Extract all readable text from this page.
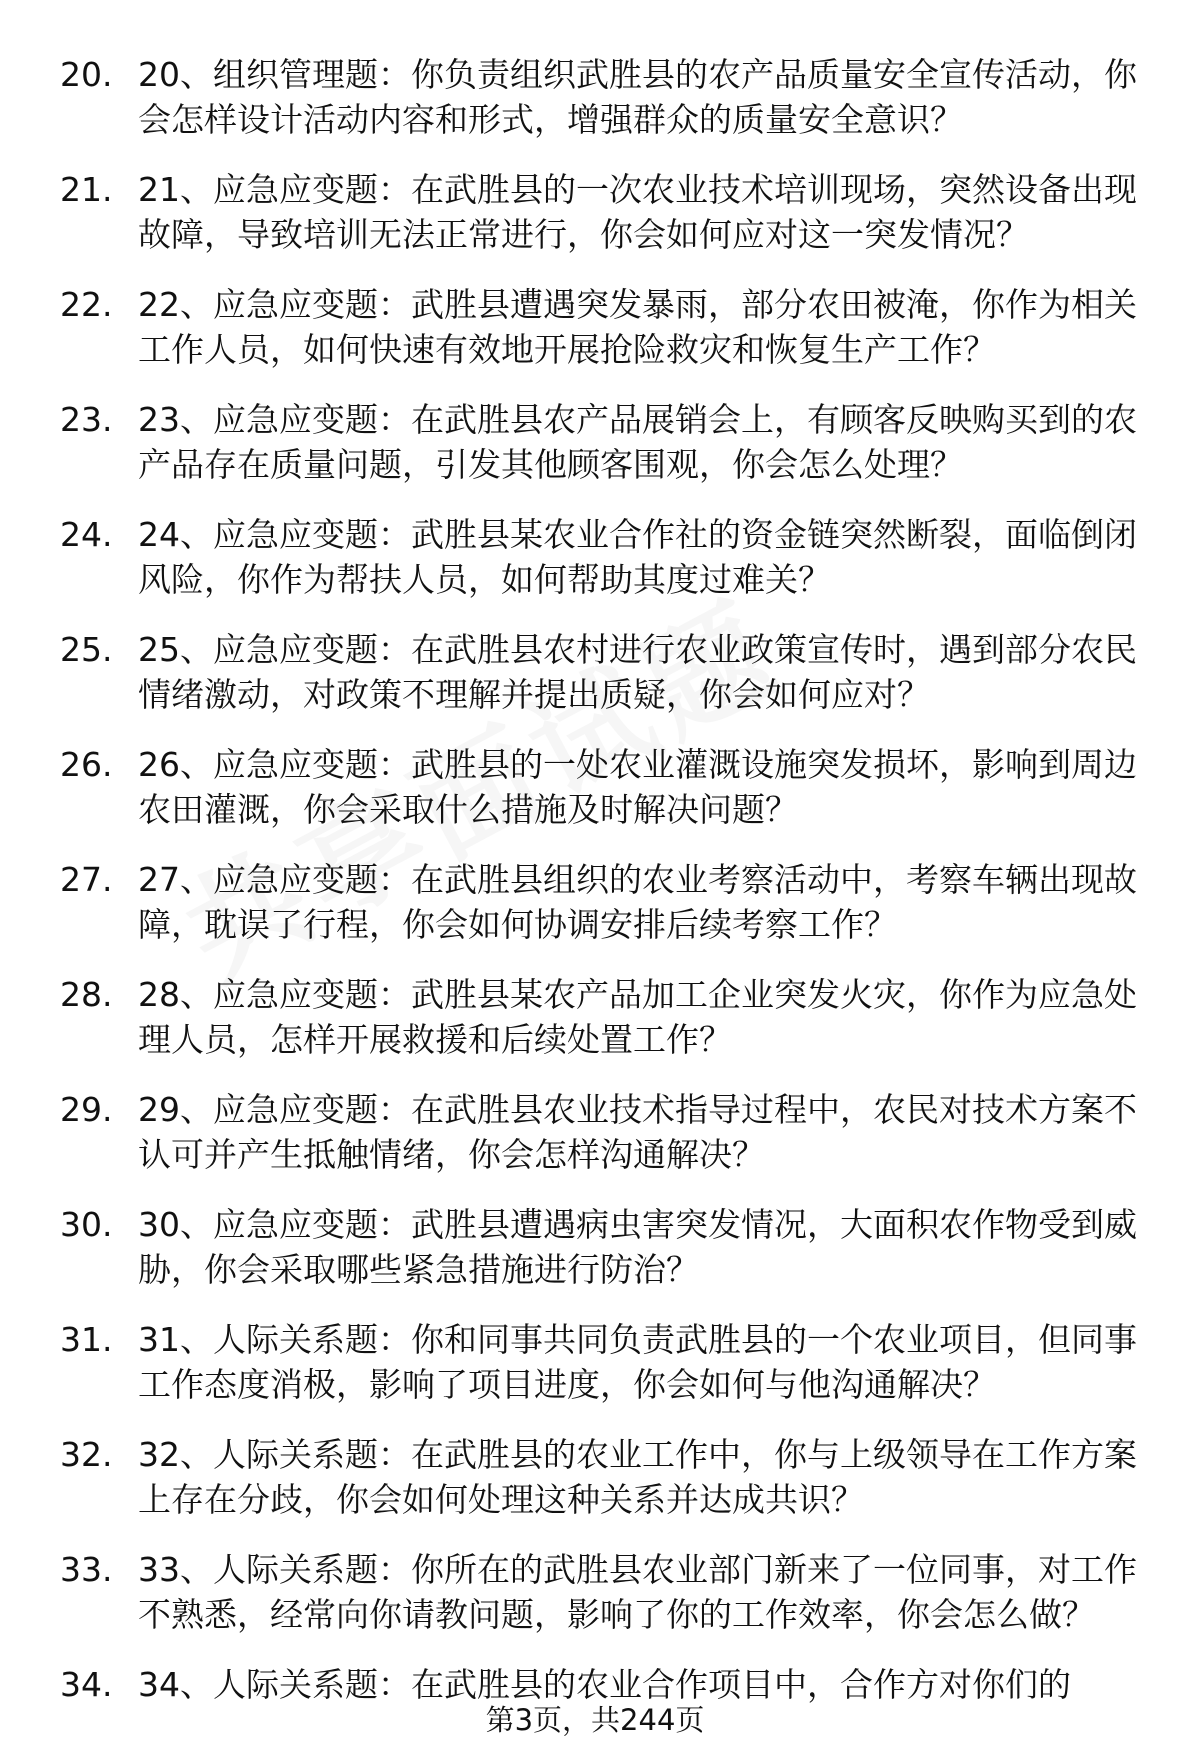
20. 20、组织管理题：你负责组织武胜县的农产品质量安全宣传活动，你会怎样设计活动内容和形式，增强群众的质量安全意识？
21. 21、应急应变题：在武胜县的一次农业技术培训现场，突然设备出现故障，导致培训无法正常进行，你会如何应对这一突发情况？
22. 22、应急应变题：武胜县遭遇突发暴雨，部分农田被淹，你作为相关工作人员，如何快速有效地开展抢险救灾和恢复生产工作？
23. 23、应急应变题：在武胜县农产品展销会上，有顾客反映购买到的农产品存在质量问题，引发其他顾客围观，你会怎么处理？
24. 24、应急应变题：武胜县某农业合作社的资金链突然断裂，面临倒闭风险，你作为帮扶人员，如何帮助其度过难关？
25. 25、应急应变题：在武胜县农村进行农业政策宣传时，遇到部分农民情绪激动，对政策不理解并提出质疑，你会如何应对？
26. 26、应急应变题：武胜县的一处农业灌溉设施突发损坏，影响到周边农田灌溉，你会采取什么措施及时解决问题？
27. 27、应急应变题：在武胜县组织的农业考察活动中，考察车辆出现故障，耽误了行程，你会如何协调安排后续考察工作？
28. 28、应急应变题：武胜县某农产品加工企业突发火灾，你作为应急处理人员，怎样开展救援和后续处置工作？
29. 29、应急应变题：在武胜县农业技术指导过程中，农民对技术方案不认可并产生抵触情绪，你会怎样沟通解决？
30. 30、应急应变题：武胜县遭遇病虫害突发情况，大面积农作物受到威胁，你会采取哪些紧急措施进行防治？
31. 31、人际关系题：你和同事共同负责武胜县的一个农业项目，但同事工作态度消极，影响了项目进度，你会如何与他沟通解决？
32. 32、人际关系题：在武胜县的农业工作中，你与上级领导在工作方案上存在分歧，你会如何处理这种关系并达成共识？
33. 33、人际关系题：你所在的武胜县农业部门新来了一位同事，对工作不熟悉，经常向你请教问题，影响了你的工作效率，你会怎么做？
34. 34、人际关系题：在武胜县的农业合作项目中，合作方对你们的
第3页，共244页
